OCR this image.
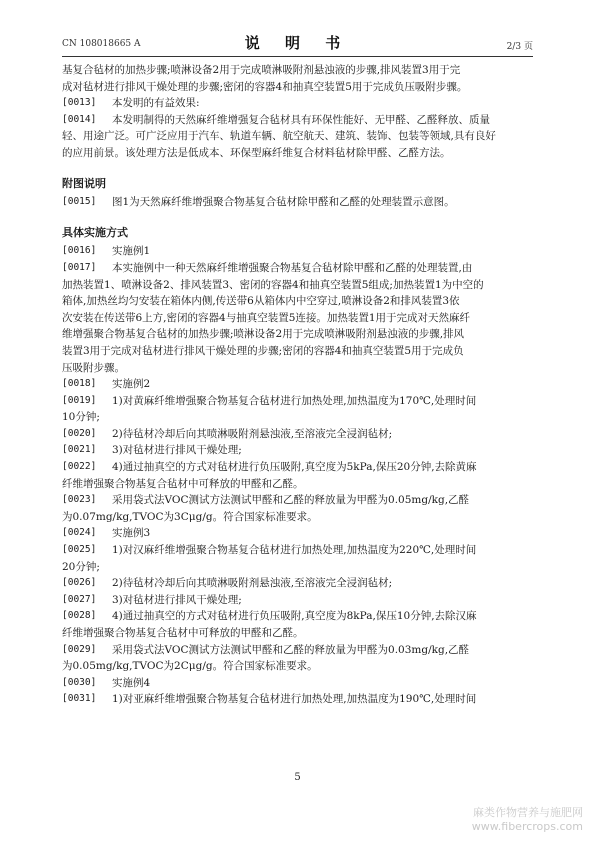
CN 108018665 A	说 明 书	2/3 页
基复合毡材的加热步骤;喷淋设备2用于完成喷淋吸附剂悬浊液的步骤,排风装置3用于完
成对毡材进行排风干燥处理的步骤;密闭的容器4和抽真空装置5用于完成负压吸附步骤。
[0013]	本发明的有益效果:
[0014]	本发明制得的天然麻纤维增强复合毡材具有环保性能好、无甲醛、乙醛释放、质量
轻、用途广泛。可广泛应用于汽车、轨道车辆、航空航天、建筑、装饰、包装等领域,具有良好
的应用前景。该处理方法是低成本、环保型麻纤维复合材料毡材除甲醛、乙醛方法。
附图说明
[0015]	图1为天然麻纤维增强聚合物基复合毡材除甲醛和乙醛的处理装置示意图。
具体实施方式
[0016]	实施例1
[0017]	本实施例中一种天然麻纤维增强聚合物基复合毡材除甲醛和乙醛的处理装置,由
加热装置1、喷淋设备2、排风装置3、密闭的容器4和抽真空装置5组成;加热装置1为中空的
箱体,加热丝均匀安装在箱体内侧,传送带6从箱体内中空穿过,喷淋设备2和排风装置3依
次安装在传送带6上方,密闭的容器4与抽真空装置5连接。加热装置1用于完成对天然麻纤
维增强聚合物基复合毡材的加热步骤;喷淋设备2用于完成喷淋吸附剂悬浊液的步骤,排风
装置3用于完成对毡材进行排风干燥处理的步骤;密闭的容器4和抽真空装置5用于完成负
压吸附步骤。
[0018]	实施例2
[0019]	1)对黄麻纤维增强聚合物基复合毡材进行加热处理,加热温度为170℃,处理时间
10分钟;
[0020]	2)待毡材冷却后向其喷淋吸附剂悬浊液,至溶液完全浸润毡材;
[0021]	3)对毡材进行排风干燥处理;
[0022]	4)通过抽真空的方式对毡材进行负压吸附,真空度为5kPa,保压20分钟,去除黄麻
纤维增强聚合物基复合毡材中可释放的甲醛和乙醛。
[0023]	采用袋式法VOC测试方法测试甲醛和乙醛的释放量为甲醛为0.05mg/kg,乙醛
为0.07mg/kg,TVOC为3Cμg/g。符合国家标准要求。
[0024]	实施例3
[0025]	1)对汉麻纤维增强聚合物基复合毡材进行加热处理,加热温度为220℃,处理时间
20分钟;
[0026]	2)待毡材冷却后向其喷淋吸附剂悬浊液,至溶液完全浸润毡材;
[0027]	3)对毡材进行排风干燥处理;
[0028]	4)通过抽真空的方式对毡材进行负压吸附,真空度为8kPa,保压10分钟,去除汉麻
纤维增强聚合物基复合毡材中可释放的甲醛和乙醛。
[0029]	采用袋式法VOC测试方法测试甲醛和乙醛的释放量为甲醛为0.03mg/kg,乙醛
为0.05mg/kg,TVOC为2Cμg/g。符合国家标准要求。
[0030]	实施例4
[0031]	1)对亚麻纤维增强聚合物基复合毡材进行加热处理,加热温度为190℃,处理时间
5
麻类作物营养与施肥网
www.fibercrops.com
